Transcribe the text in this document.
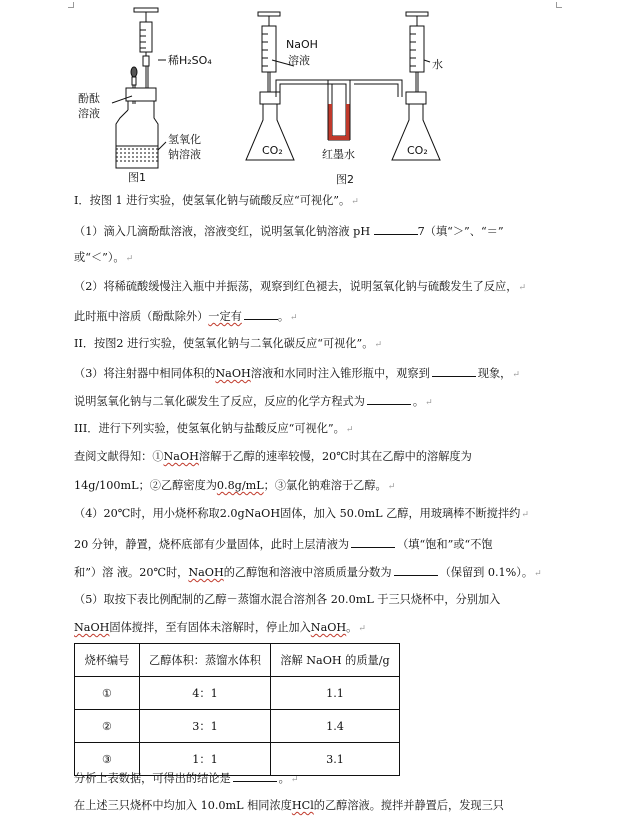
稀H₂SO₄
酚酞
溶液
氢氧化
钠溶液
图1
NaOH
溶液	水
CO₂	CO₂
红墨水
图2
I．按图 1 进行实验，使氢氧化钠与硫酸反应“可视化”。↵
（1）滴入几滴酚酞溶液，溶液变红，说明氢氧化钠溶液 pH	7（填“＞”、“＝”
或“＜”）。↵
（2）将稀硫酸缓慢注入瓶中并振荡，观察到红色褪去，说明氢氧化钠与硫酸发生了反应，↵
此时瓶中溶质（酚酞除外）一定有	。↵
II．按图2 进行实验，使氢氧化钠与二氧化碳反应“可视化”。↵
（3）将注射器中相同体积的NaOH溶液和水同时注入锥形瓶中，观察到	现象，↵
说明氢氧化钠与二氧化碳发生了反应，反应的化学方程式为	。↵
III．进行下列实验，使氢氧化钠与盐酸反应“可视化”。↵
查阅文献得知：①NaOH溶解于乙醇的速率较慢，20℃时其在乙醇中的溶解度为
14g/100mL；②乙醇密度为0.8g/mL；③氯化钠难溶于乙醇。↵
（4）20℃时，用小烧杯称取2.0gNaOH固体，加入 50.0mL 乙醇，用玻璃棒不断搅拌约↵
20 分钟，静置，烧杯底部有少量固体，此时上层清液为	（填“饱和”或“不饱
和”）溶 液。20℃时，NaOH的乙醇饱和溶液中溶质质量分数为	（保留到 0.1%）。↵
（5）取按下表比例配制的乙醇－蒸馏水混合溶剂各 20.0mL 于三只烧杯中，分别加入
NaOH固体搅拌，至有固体未溶解时，停止加入NaOH。↵
烧杯编号	乙醇体积：蒸馏水体积	溶解 NaOH 的质量/g
①	4：1	1.1
②	3：1	1.4
③	1：1	3.1
分析上表数据，可得出的结论是	。↵
在上述三只烧杯中均加入 10.0mL 相同浓度HCl的乙醇溶液。搅拌并静置后，发现三只
